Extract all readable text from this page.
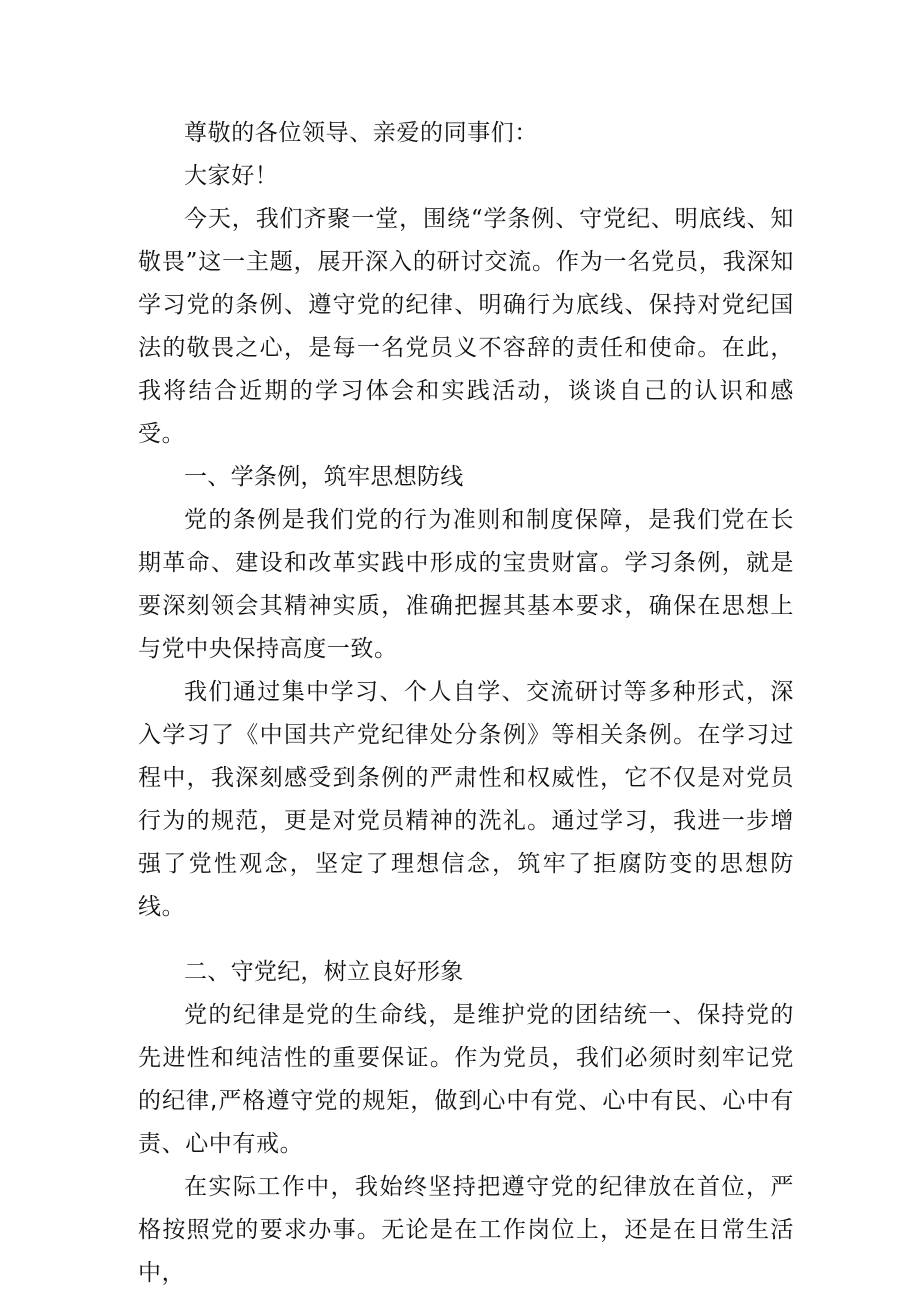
尊敬的各位领导、亲爱的同事们：

大家好！

今天，我们齐聚一堂，围绕“学条例、守党纪、明底线、知敬畏”这一主题，展开深入的研讨交流。作为一名党员，我深知学习党的条例、遵守党的纪律、明确行为底线、保持对党纪国法的敬畏之心，是每一名党员义不容辞的责任和使命。在此，我将结合近期的学习体会和实践活动，谈谈自己的认识和感受。

一、学条例，筑牢思想防线

党的条例是我们党的行为准则和制度保障，是我们党在长期革命、建设和改革实践中形成的宝贵财富。学习条例，就是要深刻领会其精神实质，准确把握其基本要求，确保在思想上与党中央保持高度一致。

我们通过集中学习、个人自学、交流研讨等多种形式，深入学习了《中国共产党纪律处分条例》等相关条例。在学习过程中，我深刻感受到条例的严肃性和权威性，它不仅是对党员行为的规范，更是对党员精神的洗礼。通过学习，我进一步增强了党性观念，坚定了理想信念，筑牢了拒腐防变的思想防线。

二、守党纪，树立良好形象

党的纪律是党的生命线，是维护党的团结统一、保持党的先进性和纯洁性的重要保证。作为党员，我们必须时刻牢记党的纪律,严格遵守党的规矩，做到心中有党、心中有民、心中有责、心中有戒。

在实际工作中，我始终坚持把遵守党的纪律放在首位，严格按照党的要求办事。无论是在工作岗位上，还是在日常生活中，
